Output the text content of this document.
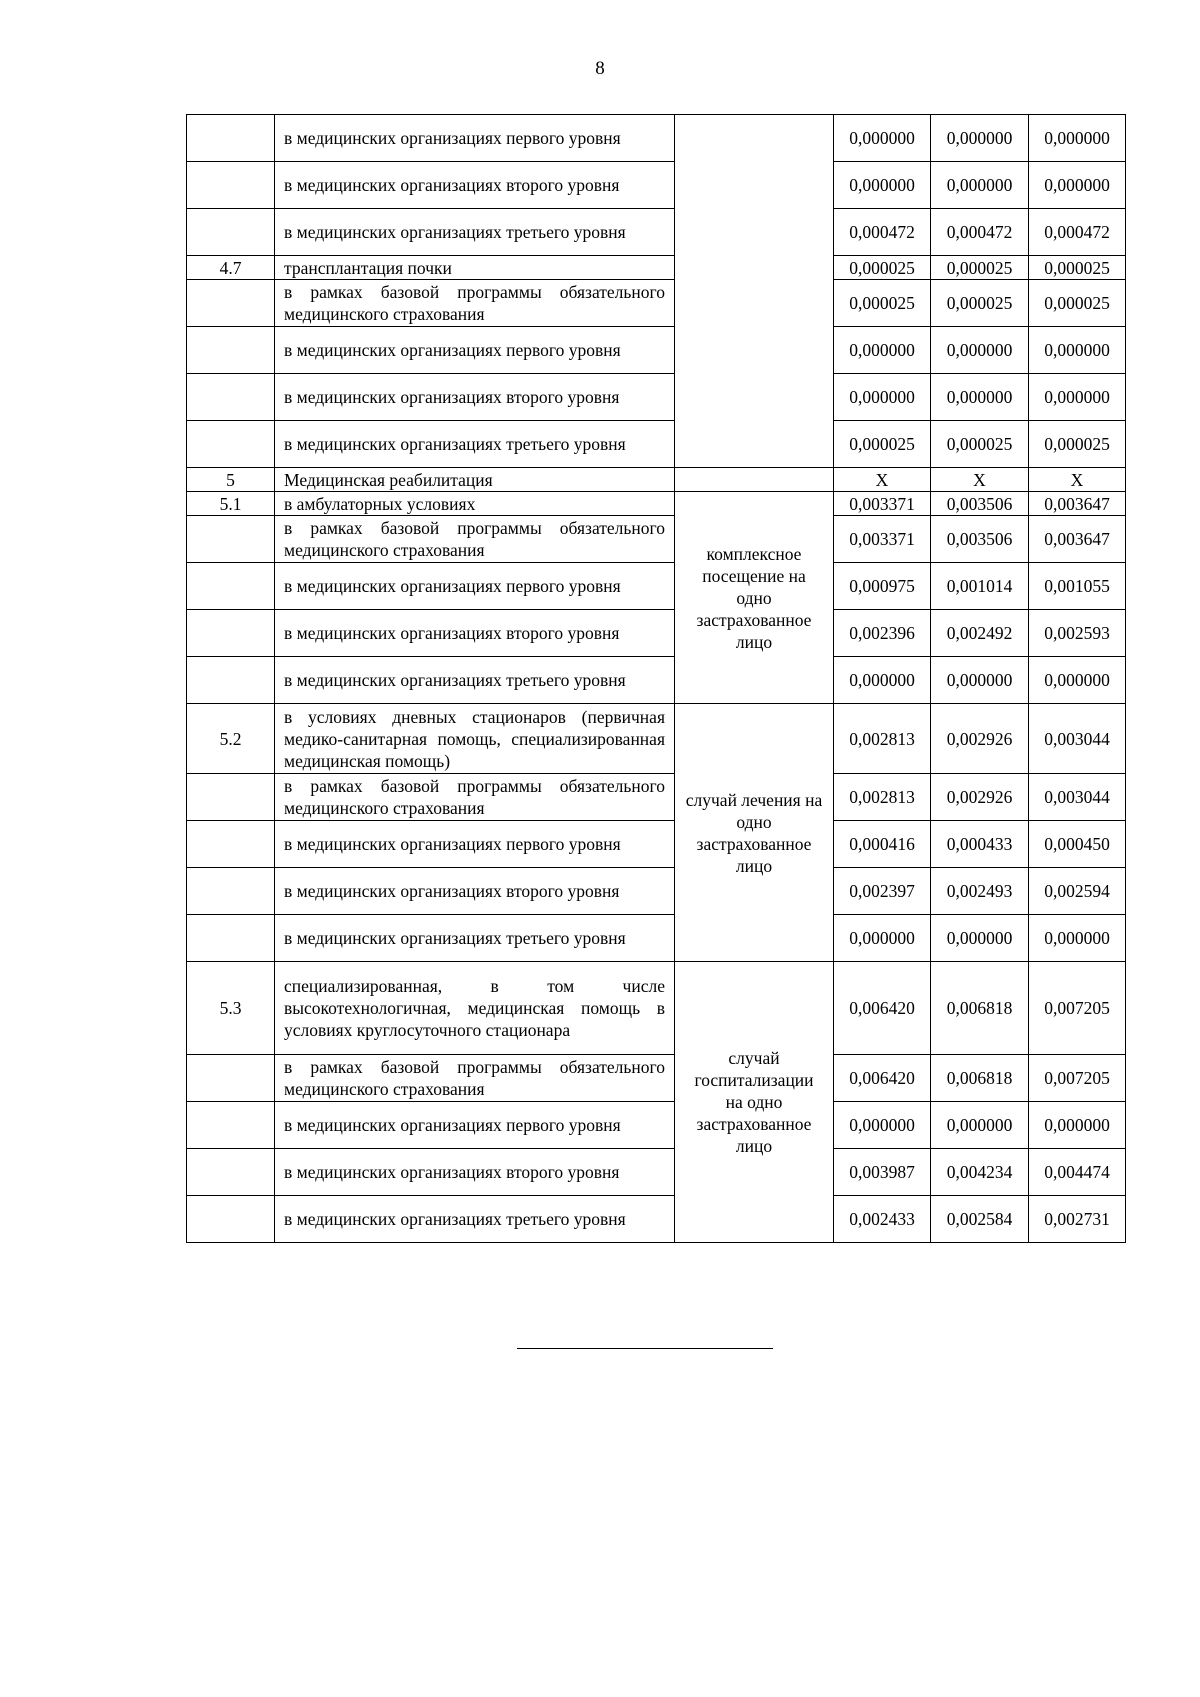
8
	в медицинских организациях первого уровня		0,000000	0,000000	0,000000
	в медицинских организациях второго уровня		0,000000	0,000000	0,000000
	в медицинских организациях третьего уровня		0,000472	0,000472	0,000472
4.7	трансплантация почки		0,000025	0,000025	0,000025
	в рамках базовой программы обязательного медицинского страхования		0,000025	0,000025	0,000025
	в медицинских организациях первого уровня		0,000000	0,000000	0,000000
	в медицинских организациях второго уровня		0,000000	0,000000	0,000000
	в медицинских организациях третьего уровня		0,000025	0,000025	0,000025
5	Медицинская реабилитация		X	X	X
5.1	в амбулаторных условиях	комплексное посещение на одно застрахованное лицо	0,003371	0,003506	0,003647
	в рамках базовой программы обязательного медицинского страхования		0,003371	0,003506	0,003647
	в медицинских организациях первого уровня		0,000975	0,001014	0,001055
	в медицинских организациях второго уровня		0,002396	0,002492	0,002593
	в медицинских организациях третьего уровня		0,000000	0,000000	0,000000
5.2	в условиях дневных стационаров (первичная медико-санитарная помощь, специализированная медицинская помощь)	случай лечения на одно застрахованное лицо	0,002813	0,002926	0,003044
	в рамках базовой программы обязательного медицинского страхования		0,002813	0,002926	0,003044
	в медицинских организациях первого уровня		0,000416	0,000433	0,000450
	в медицинских организациях второго уровня		0,002397	0,002493	0,002594
	в медицинских организациях третьего уровня		0,000000	0,000000	0,000000
5.3	специализированная, в том числе высокотехнологичная, медицинская помощь в условиях круглосуточного стационара	случай госпитализации на одно застрахованное лицо	0,006420	0,006818	0,007205
	в рамках базовой программы обязательного медицинского страхования		0,006420	0,006818	0,007205
	в медицинских организациях первого уровня		0,000000	0,000000	0,000000
	в медицинских организациях второго уровня		0,003987	0,004234	0,004474
	в медицинских организациях третьего уровня		0,002433	0,002584	0,002731
